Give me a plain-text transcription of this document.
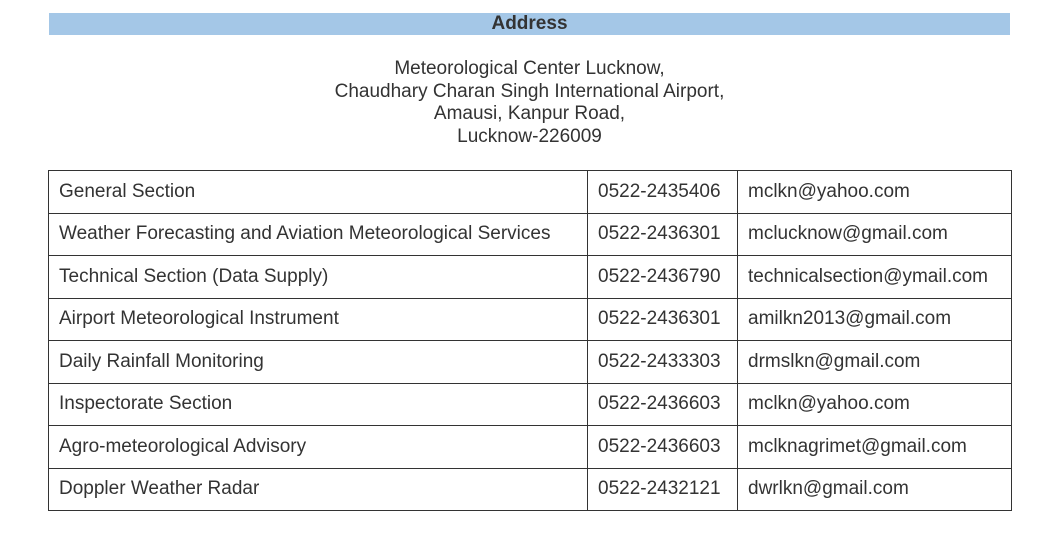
Address
Meteorological Center Lucknow,
Chaudhary Charan Singh International Airport,
Amausi, Kanpur Road,
Lucknow-226009
General Section	0522-2435406	mclkn@yahoo.com
Weather Forecasting and Aviation Meteorological Services	0522-2436301	mclucknow@gmail.com
Technical Section (Data Supply)	0522-2436790	technicalsection@ymail.com
Airport Meteorological Instrument	0522-2436301	amilkn2013@gmail.com
Daily Rainfall Monitoring	0522-2433303	drmslkn@gmail.com
Inspectorate Section	0522-2436603	mclkn@yahoo.com
Agro-meteorological Advisory	0522-2436603	mclknagrimet@gmail.com
Doppler Weather Radar	0522-2432121	dwrlkn@gmail.com
